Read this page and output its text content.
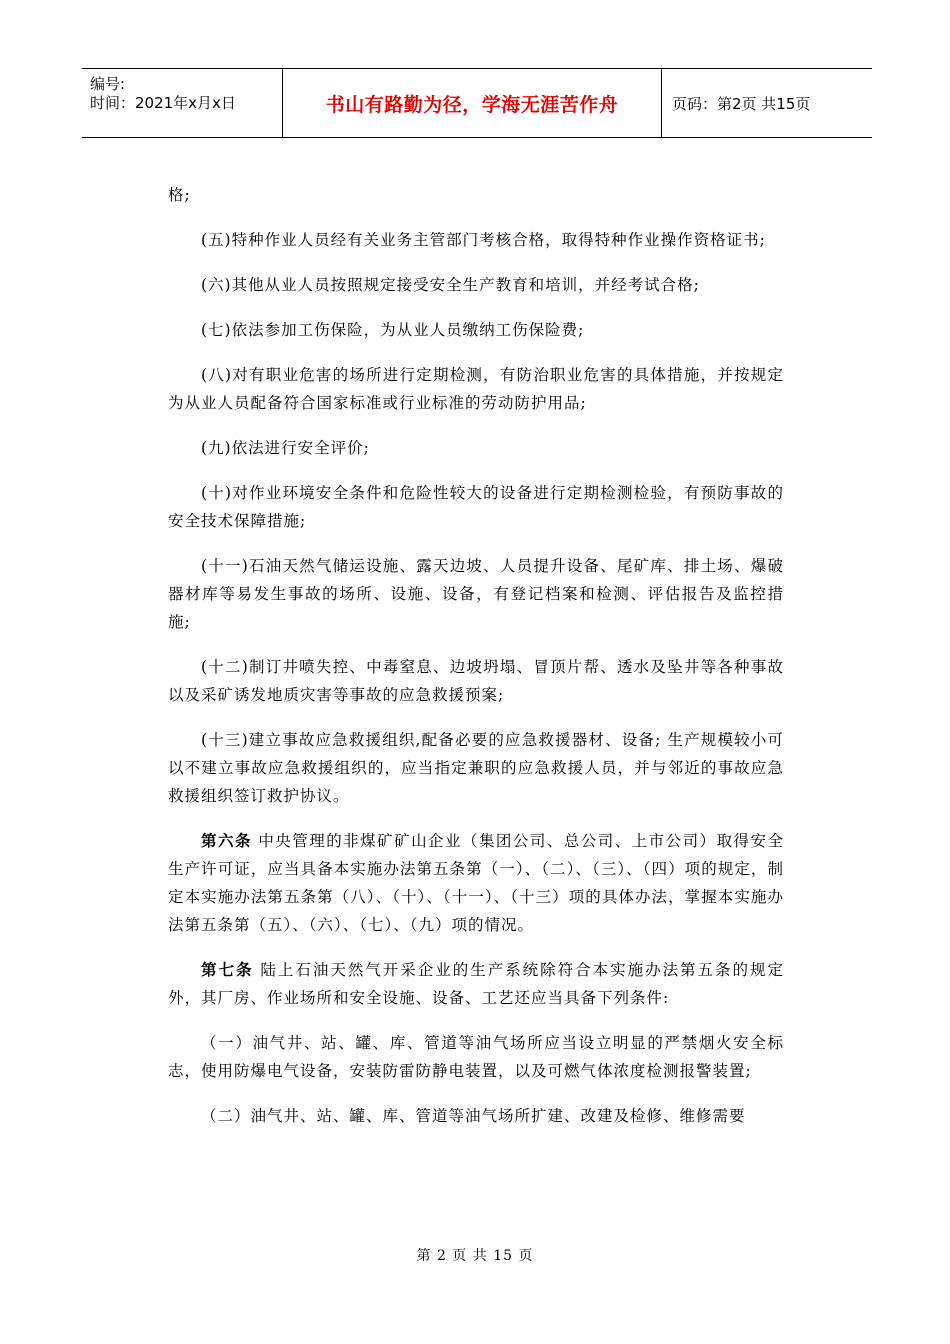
编号:
时间：2021年x月x日	书山有路勤为径，学海无涯苦作舟	页码：第2页 共15页

格;

(五)特种作业人员经有关业务主管部门考核合格，取得特种作业操作资格证书;

(六)其他从业人员按照规定接受安全生产教育和培训，并经考试合格;

(七)依法参加工伤保险，为从业人员缴纳工伤保险费;

(八)对有职业危害的场所进行定期检测，有防治职业危害的具体措施，并按规定为从业人员配备符合国家标准或行业标准的劳动防护用品;

(九)依法进行安全评价;

(十)对作业环境安全条件和危险性较大的设备进行定期检测检验，有预防事故的安全技术保障措施;

(十一)石油天然气储运设施、露天边坡、人员提升设备、尾矿库、排土场、爆破器材库等易发生事故的场所、设施、设备，有登记档案和检测、评估报告及监控措施;

(十二)制订井喷失控、中毒窒息、边坡坍塌、冒顶片帮、透水及坠井等各种事故以及采矿诱发地质灾害等事故的应急救援预案;

(十三)建立事故应急救援组织,配备必要的应急救援器材、设备; 生产规模较小可以不建立事故应急救援组织的，应当指定兼职的应急救援人员，并与邻近的事故应急救援组织签订救护协议。

第六条 中央管理的非煤矿矿山企业（集团公司、总公司、上市公司）取得安全生产许可证，应当具备本实施办法第五条第（一）、（二）、（三）、（四）项的规定，制定本实施办法第五条第（八）、（十）、（十一）、（十三）项的具体办法，掌握本实施办法第五条第（五）、（六）、（七）、（九）项的情况。

第七条 陆上石油天然气开采企业的生产系统除符合本实施办法第五条的规定外，其厂房、作业场所和安全设施、设备、工艺还应当具备下列条件:

（一）油气井、站、罐、库、管道等油气场所应当设立明显的严禁烟火安全标志，使用防爆电气设备，安装防雷防静电装置，以及可燃气体浓度检测报警装置;

（二）油气井、站、罐、库、管道等油气场所扩建、改建及检修、维修需要

第 2 页 共 15 页
